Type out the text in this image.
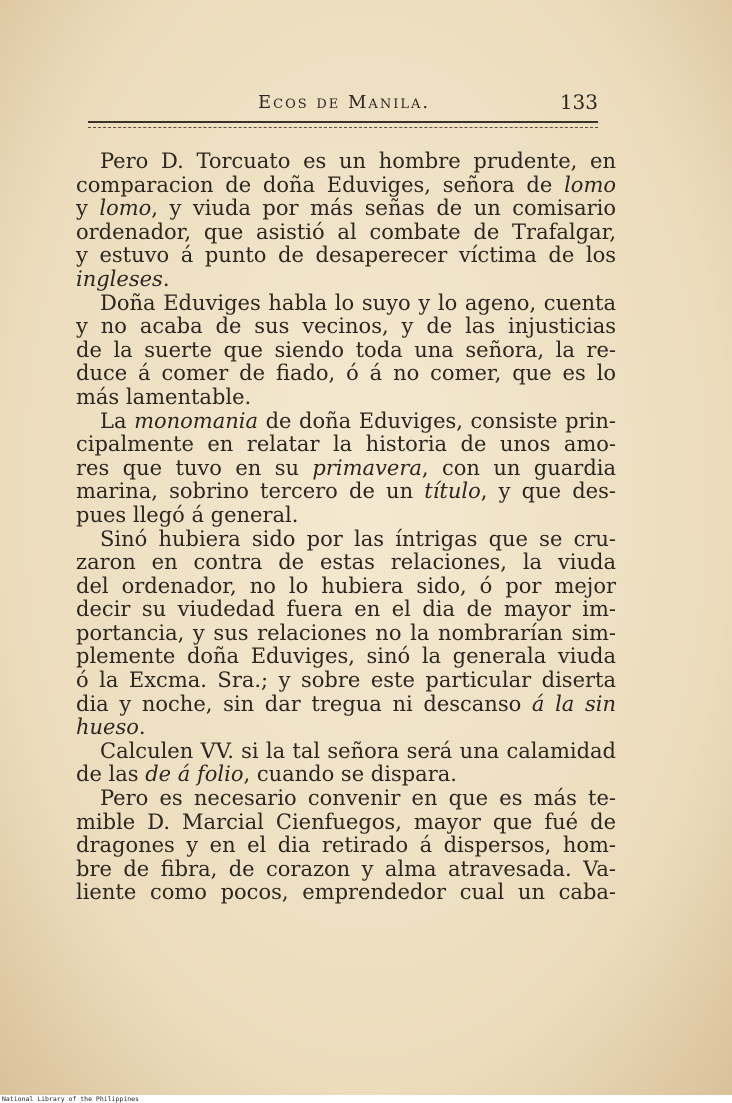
Ecos de Manila.	133
Pero D. Torcuato es un hombre prudente, en
comparacion de doña Eduviges, señora de lomo
y lomo, y viuda por más señas de un comisario
ordenador, que asistió al combate de Trafalgar,
y estuvo á punto de desaperecer víctima de los
ingleses.
Doña Eduviges habla lo suyo y lo ageno, cuenta
y no acaba de sus vecinos, y de las injusticias
de la suerte que siendo toda una señora, la re-
duce á comer de fiado, ó á no comer, que es lo
más lamentable.
La monomania de doña Eduviges, consiste prin-
cipalmente en relatar la historia de unos amo-
res que tuvo en su primavera, con un guardia
marina, sobrino tercero de un título, y que des-
pues llegó á general.
Sinó hubiera sido por las íntrigas que se cru-
zaron en contra de estas relaciones, la viuda
del ordenador, no lo hubiera sido, ó por mejor
decir su viudedad fuera en el dia de mayor im-
portancia, y sus relaciones no la nombrarían sim-
plemente doña Eduviges, sinó la generala viuda
ó la Excma. Sra.; y sobre este particular diserta
dia y noche, sin dar tregua ni descanso á la sin
hueso.
Calculen VV. si la tal señora será una calamidad
de las de á folio, cuando se dispara.
Pero es necesario convenir en que es más te-
mible D. Marcial Cienfuegos, mayor que fué de
dragones y en el dia retirado á dispersos, hom-
bre de fibra, de corazon y alma atravesada. Va-
liente como pocos, emprendedor cual un caba-
National Library of the Philippines
